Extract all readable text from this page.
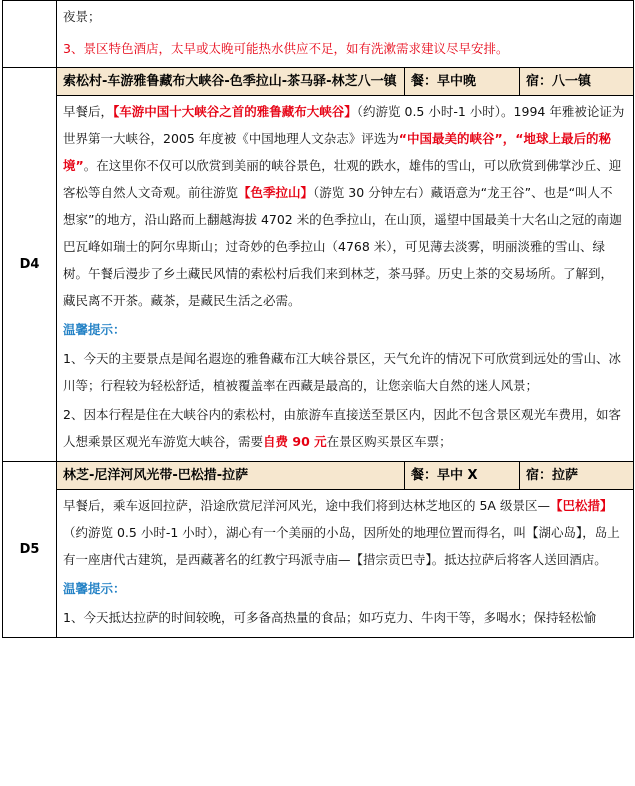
	夜景；

3、景区特色酒店，太早或太晚可能热水供应不足，如有洗漱需求建议尽早安排。		

D4	索松村-车游雅鲁藏布大峡谷-色季拉山-茶马驿-林芝八一镇	餐：早中晚	宿：八一镇

	早餐后，【车游中国十大峡谷之首的雅鲁藏布大峡谷】（约游览 0.5 小时-1 小时）。1994 年雅被论证为世界第一大峡谷，2005 年度被《中国地理人文杂志》评选为“中国最美的峡谷”，“地球上最后的秘境”。在这里你不仅可以欣赏到美丽的峡谷景色，壮观的跌水，雄伟的雪山，可以欣赏到佛掌沙丘、迎客松等自然人文奇观。前往游览【色季拉山】（游览 30 分钟左右）藏语意为“龙王谷”、也是“叫人不想家”的地方，沿山路而上翻越海拔 4702 米的色季拉山，在山顶，遥望中国最美十大名山之冠的南迦巴瓦峰如瑞士的阿尔卑斯山；过奇妙的色季拉山（4768 米），可见薄去淡雾，明丽淡雅的雪山、绿树。午餐后漫步了乡土藏民风情的索松村后我们来到林芝，茶马驿。历史上茶的交易场所。了解到，藏民离不开茶。藏茶，是藏民生活之必需。

温馨提示：

1、今天的主要景点是闻名遐迩的雅鲁藏布江大峡谷景区，天气允许的情况下可欣赏到远处的雪山、冰川等；行程较为轻松舒适，植被覆盖率在西藏是最高的，让您亲临大自然的迷人风景；

2、因本行程是住在大峡谷内的索松村，由旅游车直接送至景区内，因此不包含景区观光车费用，如客人想乘景区观光车游览大峡谷，需要自费 90 元在景区购买景区车票；		

D5	林芝-尼洋河风光带-巴松措-拉萨	餐：早中 X	宿：拉萨

	早餐后，乘车返回拉萨，沿途欣赏尼洋河风光，途中我们将到达林芝地区的 5A 级景区—【巴松措】（约游览 0.5 小时-1 小时），湖心有一个美丽的小岛，因所处的地理位置而得名，叫【湖心岛】，岛上有一座唐代古建筑，是西藏著名的红教宁玛派寺庙—【措宗贡巴寺】。抵达拉萨后将客人送回酒店。

温馨提示：

1、今天抵达拉萨的时间较晚，可多备高热量的食品；如巧克力、牛肉干等，多喝水；保持轻松愉		
